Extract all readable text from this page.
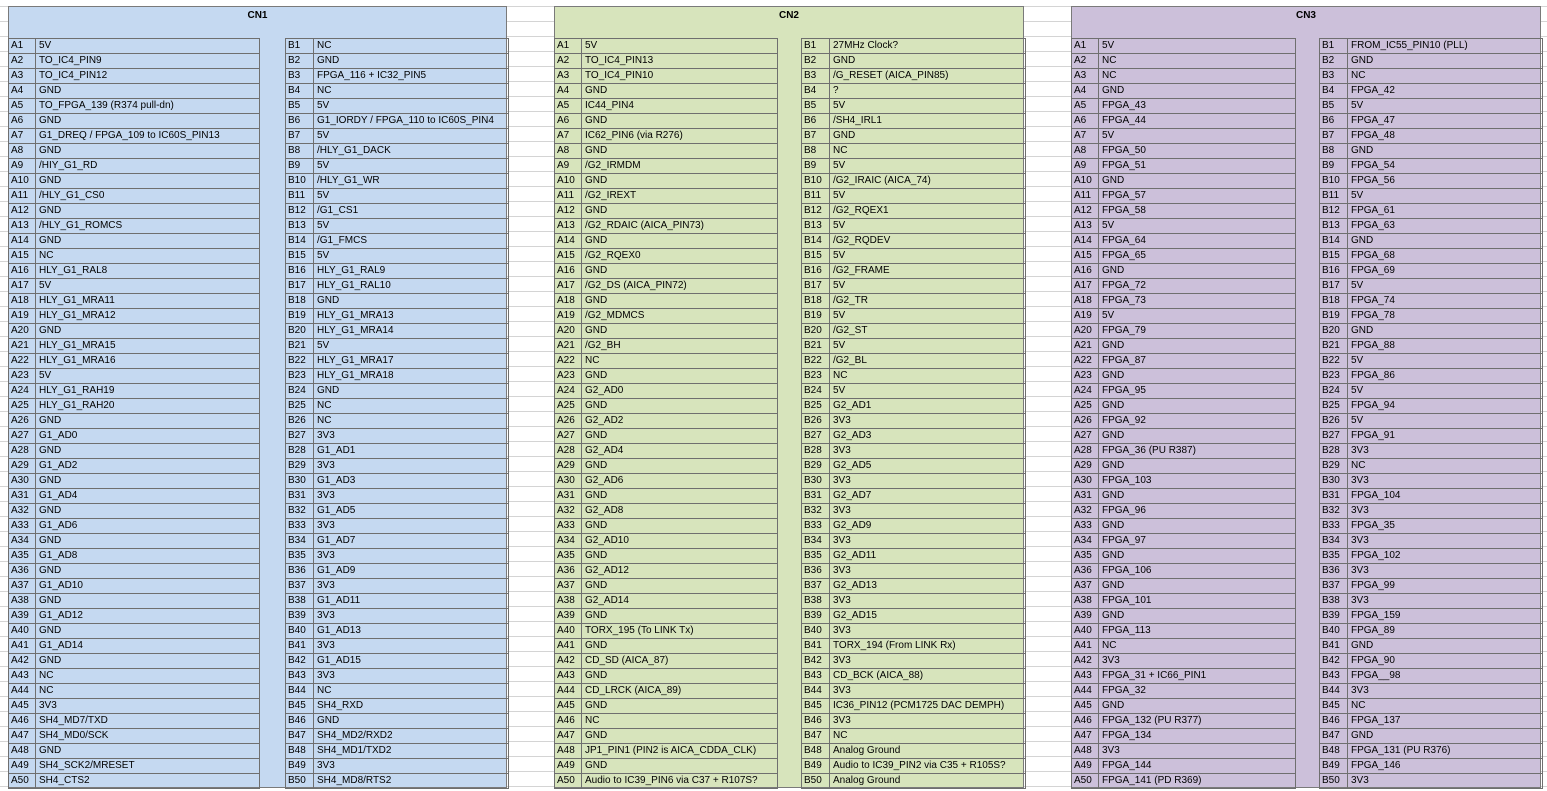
CN1
A1	5V
A2	TO_IC4_PIN9
A3	TO_IC4_PIN12
A4	GND
A5	TO_FPGA_139 (R374 pull-dn)
A6	GND
A7	G1_DREQ / FPGA_109 to IC60S_PIN13
A8	GND
A9	/HIY_G1_RD
A10	GND
A11	/HLY_G1_CS0
A12	GND
A13	/HLY_G1_ROMCS
A14	GND
A15	NC
A16	HLY_G1_RAL8
A17	5V
A18	HLY_G1_MRA11
A19	HLY_G1_MRA12
A20	GND
A21	HLY_G1_MRA15
A22	HLY_G1_MRA16
A23	5V
A24	HLY_G1_RAH19
A25	HLY_G1_RAH20
A26	GND
A27	G1_AD0
A28	GND
A29	G1_AD2
A30	GND
A31	G1_AD4
A32	GND
A33	G1_AD6
A34	GND
A35	G1_AD8
A36	GND
A37	G1_AD10
A38	GND
A39	G1_AD12
A40	GND
A41	G1_AD14
A42	GND
A43	NC
A44	NC
A45	3V3
A46	SH4_MD7/TXD
A47	SH4_MD0/SCK
A48	GND
A49	SH4_SCK2/MRESET
A50	SH4_CTS2
B1	NC
B2	GND
B3	FPGA_116 + IC32_PIN5
B4	NC
B5	5V
B6	G1_IORDY / FPGA_110 to IC60S_PIN4
B7	5V
B8	/HLY_G1_DACK
B9	5V
B10	/HLY_G1_WR
B11	5V
B12	/G1_CS1
B13	5V
B14	/G1_FMCS
B15	5V
B16	HLY_G1_RAL9
B17	HLY_G1_RAL10
B18	GND
B19	HLY_G1_MRA13
B20	HLY_G1_MRA14
B21	5V
B22	HLY_G1_MRA17
B23	HLY_G1_MRA18
B24	GND
B25	NC
B26	NC
B27	3V3
B28	G1_AD1
B29	3V3
B30	G1_AD3
B31	3V3
B32	G1_AD5
B33	3V3
B34	G1_AD7
B35	3V3
B36	G1_AD9
B37	3V3
B38	G1_AD11
B39	3V3
B40	G1_AD13
B41	3V3
B42	G1_AD15
B43	3V3
B44	NC
B45	SH4_RXD
B46	GND
B47	SH4_MD2/RXD2
B48	SH4_MD1/TXD2
B49	3V3
B50	SH4_MD8/RTS2
CN2
A1	5V
A2	TO_IC4_PIN13
A3	TO_IC4_PIN10
A4	GND
A5	IC44_PIN4
A6	GND
A7	IC62_PIN6 (via R276)
A8	GND
A9	/G2_IRMDM
A10	GND
A11	/G2_IREXT
A12	GND
A13	/G2_RDAIC (AICA_PIN73)
A14	GND
A15	/G2_RQEX0
A16	GND
A17	/G2_DS (AICA_PIN72)
A18	GND
A19	/G2_MDMCS
A20	GND
A21	/G2_BH
A22	NC
A23	GND
A24	G2_AD0
A25	GND
A26	G2_AD2
A27	GND
A28	G2_AD4
A29	GND
A30	G2_AD6
A31	GND
A32	G2_AD8
A33	GND
A34	G2_AD10
A35	GND
A36	G2_AD12
A37	GND
A38	G2_AD14
A39	GND
A40	TORX_195 (To LINK Tx)
A41	GND
A42	CD_SD (AICA_87)
A43	GND
A44	CD_LRCK (AICA_89)
A45	GND
A46	NC
A47	GND
A48	JP1_PIN1 (PIN2 is AICA_CDDA_CLK)
A49	GND
A50	Audio to IC39_PIN6 via C37 + R107S?
B1	27MHz Clock?
B2	GND
B3	/G_RESET (AICA_PIN85)
B4	?
B5	5V
B6	/SH4_IRL1
B7	GND
B8	NC
B9	5V
B10	/G2_IRAIC (AICA_74)
B11	5V
B12	/G2_RQEX1
B13	5V
B14	/G2_RQDEV
B15	5V
B16	/G2_FRAME
B17	5V
B18	/G2_TR
B19	5V
B20	/G2_ST
B21	5V
B22	/G2_BL
B23	NC
B24	5V
B25	G2_AD1
B26	3V3
B27	G2_AD3
B28	3V3
B29	G2_AD5
B30	3V3
B31	G2_AD7
B32	3V3
B33	G2_AD9
B34	3V3
B35	G2_AD11
B36	3V3
B37	G2_AD13
B38	3V3
B39	G2_AD15
B40	3V3
B41	TORX_194 (From LINK Rx)
B42	3V3
B43	CD_BCK (AICA_88)
B44	3V3
B45	IC36_PIN12 (PCM1725 DAC DEMPH)
B46	3V3
B47	NC
B48	Analog Ground
B49	Audio to IC39_PIN2 via C35 + R105S?
B50	Analog Ground
CN3
A1	5V
A2	NC
A3	NC
A4	GND
A5	FPGA_43
A6	FPGA_44
A7	5V
A8	FPGA_50
A9	FPGA_51
A10	GND
A11	FPGA_57
A12	FPGA_58
A13	5V
A14	FPGA_64
A15	FPGA_65
A16	GND
A17	FPGA_72
A18	FPGA_73
A19	5V
A20	FPGA_79
A21	GND
A22	FPGA_87
A23	GND
A24	FPGA_95
A25	GND
A26	FPGA_92
A27	GND
A28	FPGA_36 (PU R387)
A29	GND
A30	FPGA_103
A31	GND
A32	FPGA_96
A33	GND
A34	FPGA_97
A35	GND
A36	FPGA_106
A37	GND
A38	FPGA_101
A39	GND
A40	FPGA_113
A41	NC
A42	3V3
A43	FPGA_31 + IC66_PIN1
A44	FPGA_32
A45	GND
A46	FPGA_132 (PU R377)
A47	FPGA_134
A48	3V3
A49	FPGA_144
A50	FPGA_141 (PD R369)
B1	FROM_IC55_PIN10 (PLL)
B2	GND
B3	NC
B4	FPGA_42
B5	5V
B6	FPGA_47
B7	FPGA_48
B8	GND
B9	FPGA_54
B10	FPGA_56
B11	5V
B12	FPGA_61
B13	FPGA_63
B14	GND
B15	FPGA_68
B16	FPGA_69
B17	5V
B18	FPGA_74
B19	FPGA_78
B20	GND
B21	FPGA_88
B22	5V
B23	FPGA_86
B24	5V
B25	FPGA_94
B26	5V
B27	FPGA_91
B28	3V3
B29	NC
B30	3V3
B31	FPGA_104
B32	3V3
B33	FPGA_35
B34	3V3
B35	FPGA_102
B36	3V3
B37	FPGA_99
B38	3V3
B39	FPGA_159
B40	FPGA_89
B41	GND
B42	FPGA_90
B43	FPGA__98
B44	3V3
B45	NC
B46	FPGA_137
B47	GND
B48	FPGA_131 (PU R376)
B49	FPGA_146
B50	3V3
